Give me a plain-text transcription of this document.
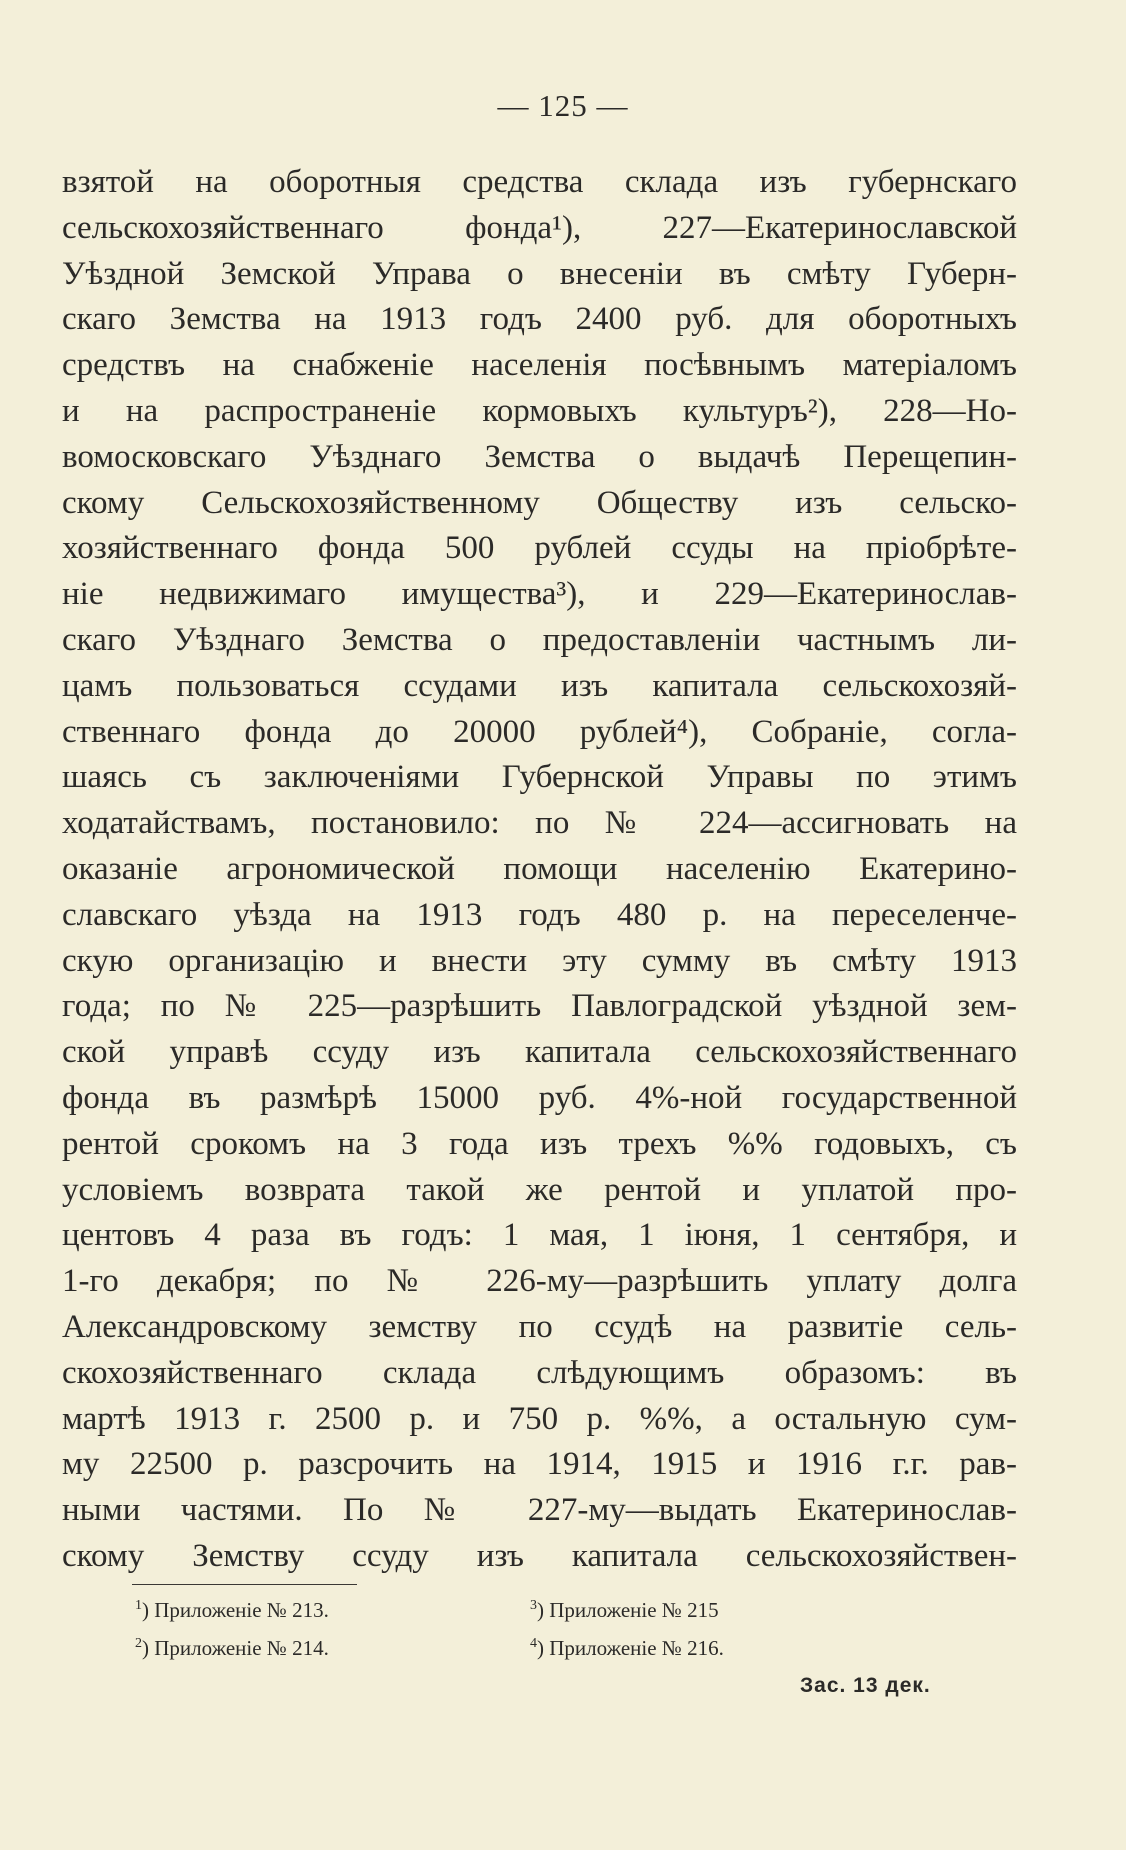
— 125 —
взятой на оборотныя средства склада изъ губернскаго
сельскохозяйственнаго фонда¹), 227—Екатеринославской
Уѣздной Земской Управа о внесеніи въ смѣту Губерн-
скаго Земства на 1913 годъ 2400 руб. для оборотныхъ
средствъ на снабженіе населенія посѣвнымъ матеріаломъ
и на распространеніе кормовыхъ культуръ²), 228—Но-
вомосковскаго Уѣзднаго Земства о выдачѣ Перещепин-
скому Сельскохозяйственному Обществу изъ сельско-
хозяйственнаго фонда 500 рублей ссуды на пріобрѣте-
ніе недвижимаго имущества³), и 229—Екатеринослав-
скаго Уѣзднаго Земства о предоставленіи частнымъ ли-
цамъ пользоваться ссудами изъ капитала сельскохозяй-
ственнаго фонда до 20000 рублей⁴), Собраніе, согла-
шаясь съ заключеніями Губернской Управы по этимъ
ходатайствамъ, постановило: по № 224—ассигновать на
оказаніе агрономической помощи населенію Екатерино-
славскаго уѣзда на 1913 годъ 480 р. на переселенче-
скую организацію и внести эту сумму въ смѣту 1913
года; по № 225—разрѣшить Павлоградской уѣздной зем-
ской управѣ ссуду изъ капитала сельскохозяйственнаго
фонда въ размѣрѣ 15000 руб. 4%-ной государственной
рентой срокомъ на 3 года изъ трехъ %% годовыхъ, съ
условіемъ возврата такой же рентой и уплатой про-
центовъ 4 раза въ годъ: 1 мая, 1 іюня, 1 сентября, и
1-го декабря; по № 226-му—разрѣшить уплату долга
Александровскому земству по ссудѣ на развитіе сель-
скохозяйственнаго склада слѣдующимъ образомъ: въ
мартѣ 1913 г. 2500 р. и 750 р. %%, а остальную сум-
му 22500 р. разсрочить на 1914, 1915 и 1916 г.г. рав-
ными частями. По № 227-му—выдать Екатеринослав-
скому Земству ссуду изъ капитала сельскохозяйствен-
$^1$) Приложеніе № 213.
$^2$) Приложеніе № 214.
$^3$) Приложеніе № 215
$^4$) Приложеніе № 216.
Зас. 13 дек.
